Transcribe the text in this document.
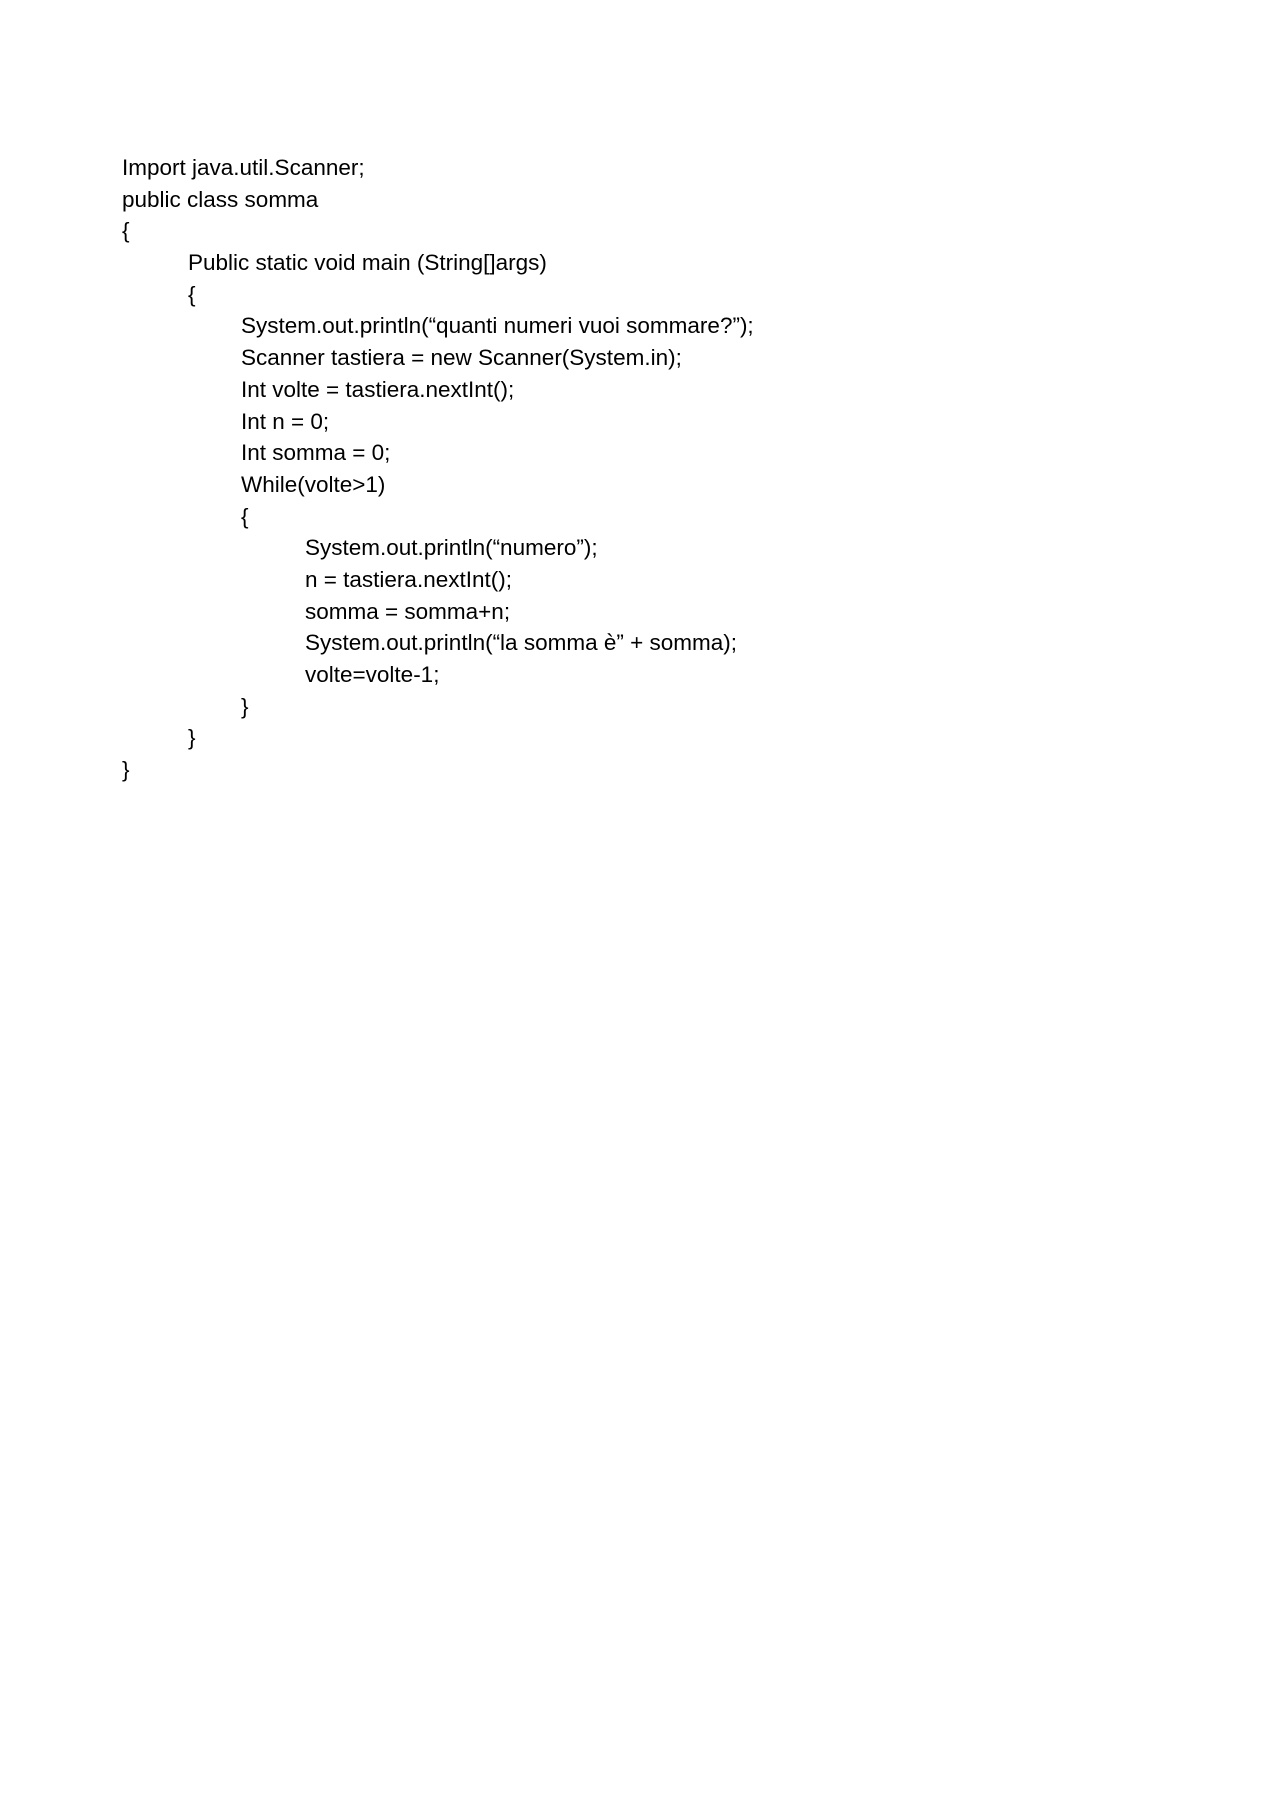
Import java.util.Scanner;
public class somma
{
Public static void main (String[]args)
{
System.out.println(“quanti numeri vuoi sommare?”);
Scanner tastiera = new Scanner(System.in);
Int volte = tastiera.nextInt();
Int n = 0;
Int somma = 0;
While(volte>1)
{
System.out.println(“numero”);
n = tastiera.nextInt();
somma = somma+n;
System.out.println(“la somma è” + somma);
volte=volte-1;
}
}
}
